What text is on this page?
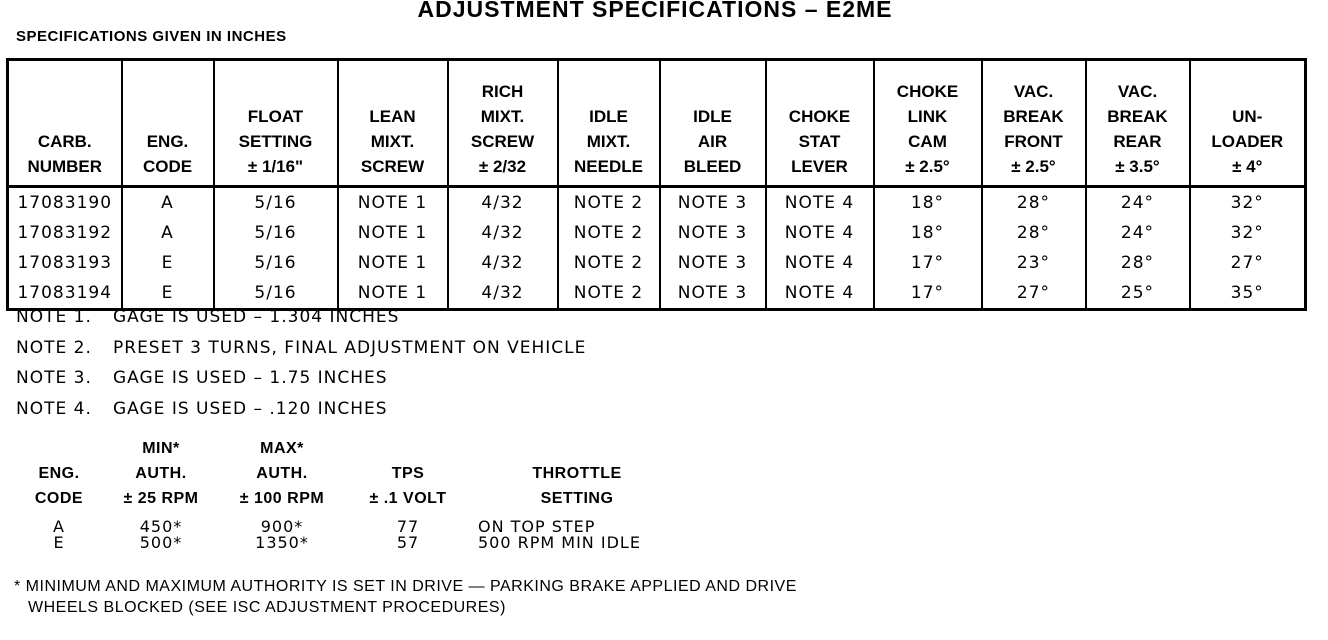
ADJUSTMENT SPECIFICATIONS – E2ME
SPECIFICATIONS GIVEN IN INCHES
CARB.
NUMBER	ENG.
CODE	FLOAT
SETTING
± 1/16"	LEAN
MIXT.
SCREW	RICH
MIXT.
SCREW
± 2/32	IDLE
MIXT.
NEEDLE	IDLE
AIR
BLEED	CHOKE
STAT
LEVER	CHOKE
LINK
CAM
± 2.5°	VAC.
BREAK
FRONT
± 2.5°	VAC.
BREAK
REAR
± 3.5°	UN-
LOADER
± 4°
17083190	A	5/16	NOTE 1	4/32	NOTE 2	NOTE 3	NOTE 4	18°	28°	24°	32°
17083192	A	5/16	NOTE 1	4/32	NOTE 2	NOTE 3	NOTE 4	18°	28°	24°	32°
17083193	E	5/16	NOTE 1	4/32	NOTE 2	NOTE 3	NOTE 4	17°	23°	28°	27°
17083194	E	5/16	NOTE 1	4/32	NOTE 2	NOTE 3	NOTE 4	17°	27°	25°	35°
NOTE 1. GAGE IS USED – 1.304 INCHES
NOTE 2. PRESET 3 TURNS, FINAL ADJUSTMENT ON VEHICLE
NOTE 3. GAGE IS USED – 1.75 INCHES
NOTE 4. GAGE IS USED – .120 INCHES
ENG.
CODE	MIN*
AUTH.
± 25 RPM	MAX*
AUTH.
± 100 RPM	TPS
± .1 VOLT	THROTTLE
SETTING
A	450*	900*	77	ON TOP STEP
E	500*	1350*	57	500 RPM MIN IDLE
* MINIMUM AND MAXIMUM AUTHORITY IS SET IN DRIVE — PARKING BRAKE APPLIED AND DRIVE
WHEELS BLOCKED (SEE ISC ADJUSTMENT PROCEDURES)
